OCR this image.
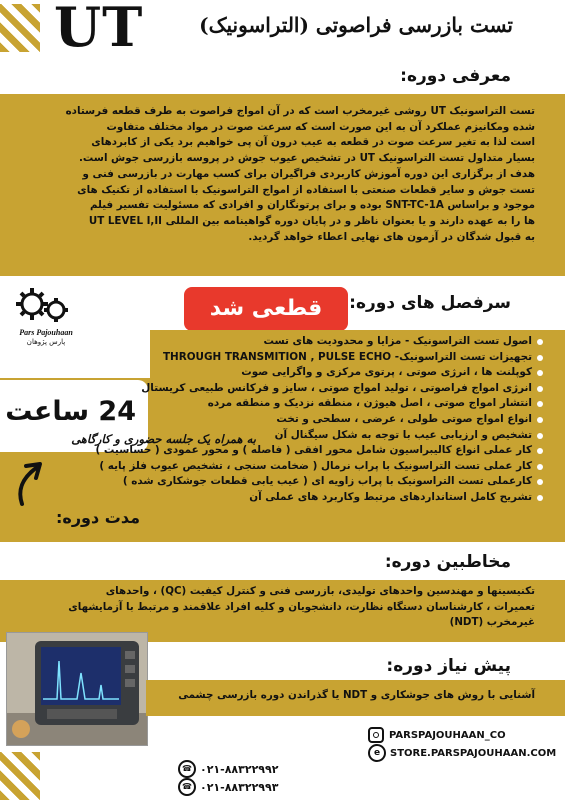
UT	تست بازرسی فراصوتی (التراسونیک)
معرفی دوره:
تست التراسونیک UT روشی غیرمخرب است که در آن امواج فراصوت به طرف قطعه فرستاده
شده ومکانیزم عملکرد آن به این صورت است که سرعت صوت در مواد مختلف متفاوت
است لذا به تغیر سرعت صوت در قطعه به عیب درون آن پی خواهیم برد یکی از کابردهای
بسیار متداول تست التراسونیک UT در تشخیص عیوب جوش در پروسه بازرسی جوش است.
هدف از برگزاری این دوره آموزش کاربردی فراگیران برای کسب مهارت در بازرسی فنی و
تست جوش و سایر قطعات صنعتی با استفاده از امواج التراسونیک با استفاده از تکنیک های
موجود و براساس SNT-TC-1A بوده و برای پرتونگاران و افرادی که مسئولیت تفسیر فیلم
ها را به عهده دارند و یا بعنوان ناظر و در پایان دوره گواهینامه بین المللی UT LEVEL I,II
به قبول شدگان در آزمون های نهایی اعطاء خواهد گردید.
Pars Pajouhaan
پارس پژوهان
قطعی شد	سرفصل های دوره:
اصول تست التراسونیک - مزایا و محدودیت های تست
تجهیزات تست التراسونیک- THROUGH TRANSMITION , PULSE ECHO
کوپلنت ها ، انرژی صوتی ، پرتوی مرکزی و واگرایی صوت
انرژی امواج فراصوتی ، تولید امواج صوتی ، سایز و فرکانس طبیعی کریستال
انتشار امواج صوتی ، اصل هیوژن ، منطقه نزدیک و منطقه مرده
انواع امواج صوتی طولی ، عرضی ، سطحی و تخت
تشخیص و ارزیابی عیب با توجه به شکل سیگنال آن
کار عملی انواع کالیبراسیون شامل محور افقی ( فاصله ) و محور عمودی ( حساسیت )
کار عملی تست التراسونیک با پراب نرمال ( ضخامت سنجی ، تشخیص عیوب فلز پایه )
کارعملی تست التراسونیک با پراب زاویه ای ( عیب یابی قطعات جوشکاری شده )
تشریح کامل استانداردهای مرتبط وکاربرد های عملی آن
24 ساعت
به همراه یک جلسه حضوری و کارگاهی
مدت دوره:
مخاطبین دوره:
تکنیسینها و مهندسین واحدهای تولیدی، بازرسی فنی و کنترل کیفیت (QC) ، واحدهای
تعمیرات ، کارشناسان دستگاه نظارت، دانشجویان و کلیه افراد علاقمند و مرتبط با آزمایشهای
غیرمخرب (NDT)
پیش نیاز دوره:
آشنایی با روش های جوشکاری و NDT یا گذراندن دوره بازرسی چشمی
PARSPAJOUHAAN_CO
e STORE.PARSPAJOUHAAN.COM
☎ ۰۲۱-۸۸۳۲۲۹۹۲
☎ ۰۲۱-۸۸۳۲۲۹۹۳
